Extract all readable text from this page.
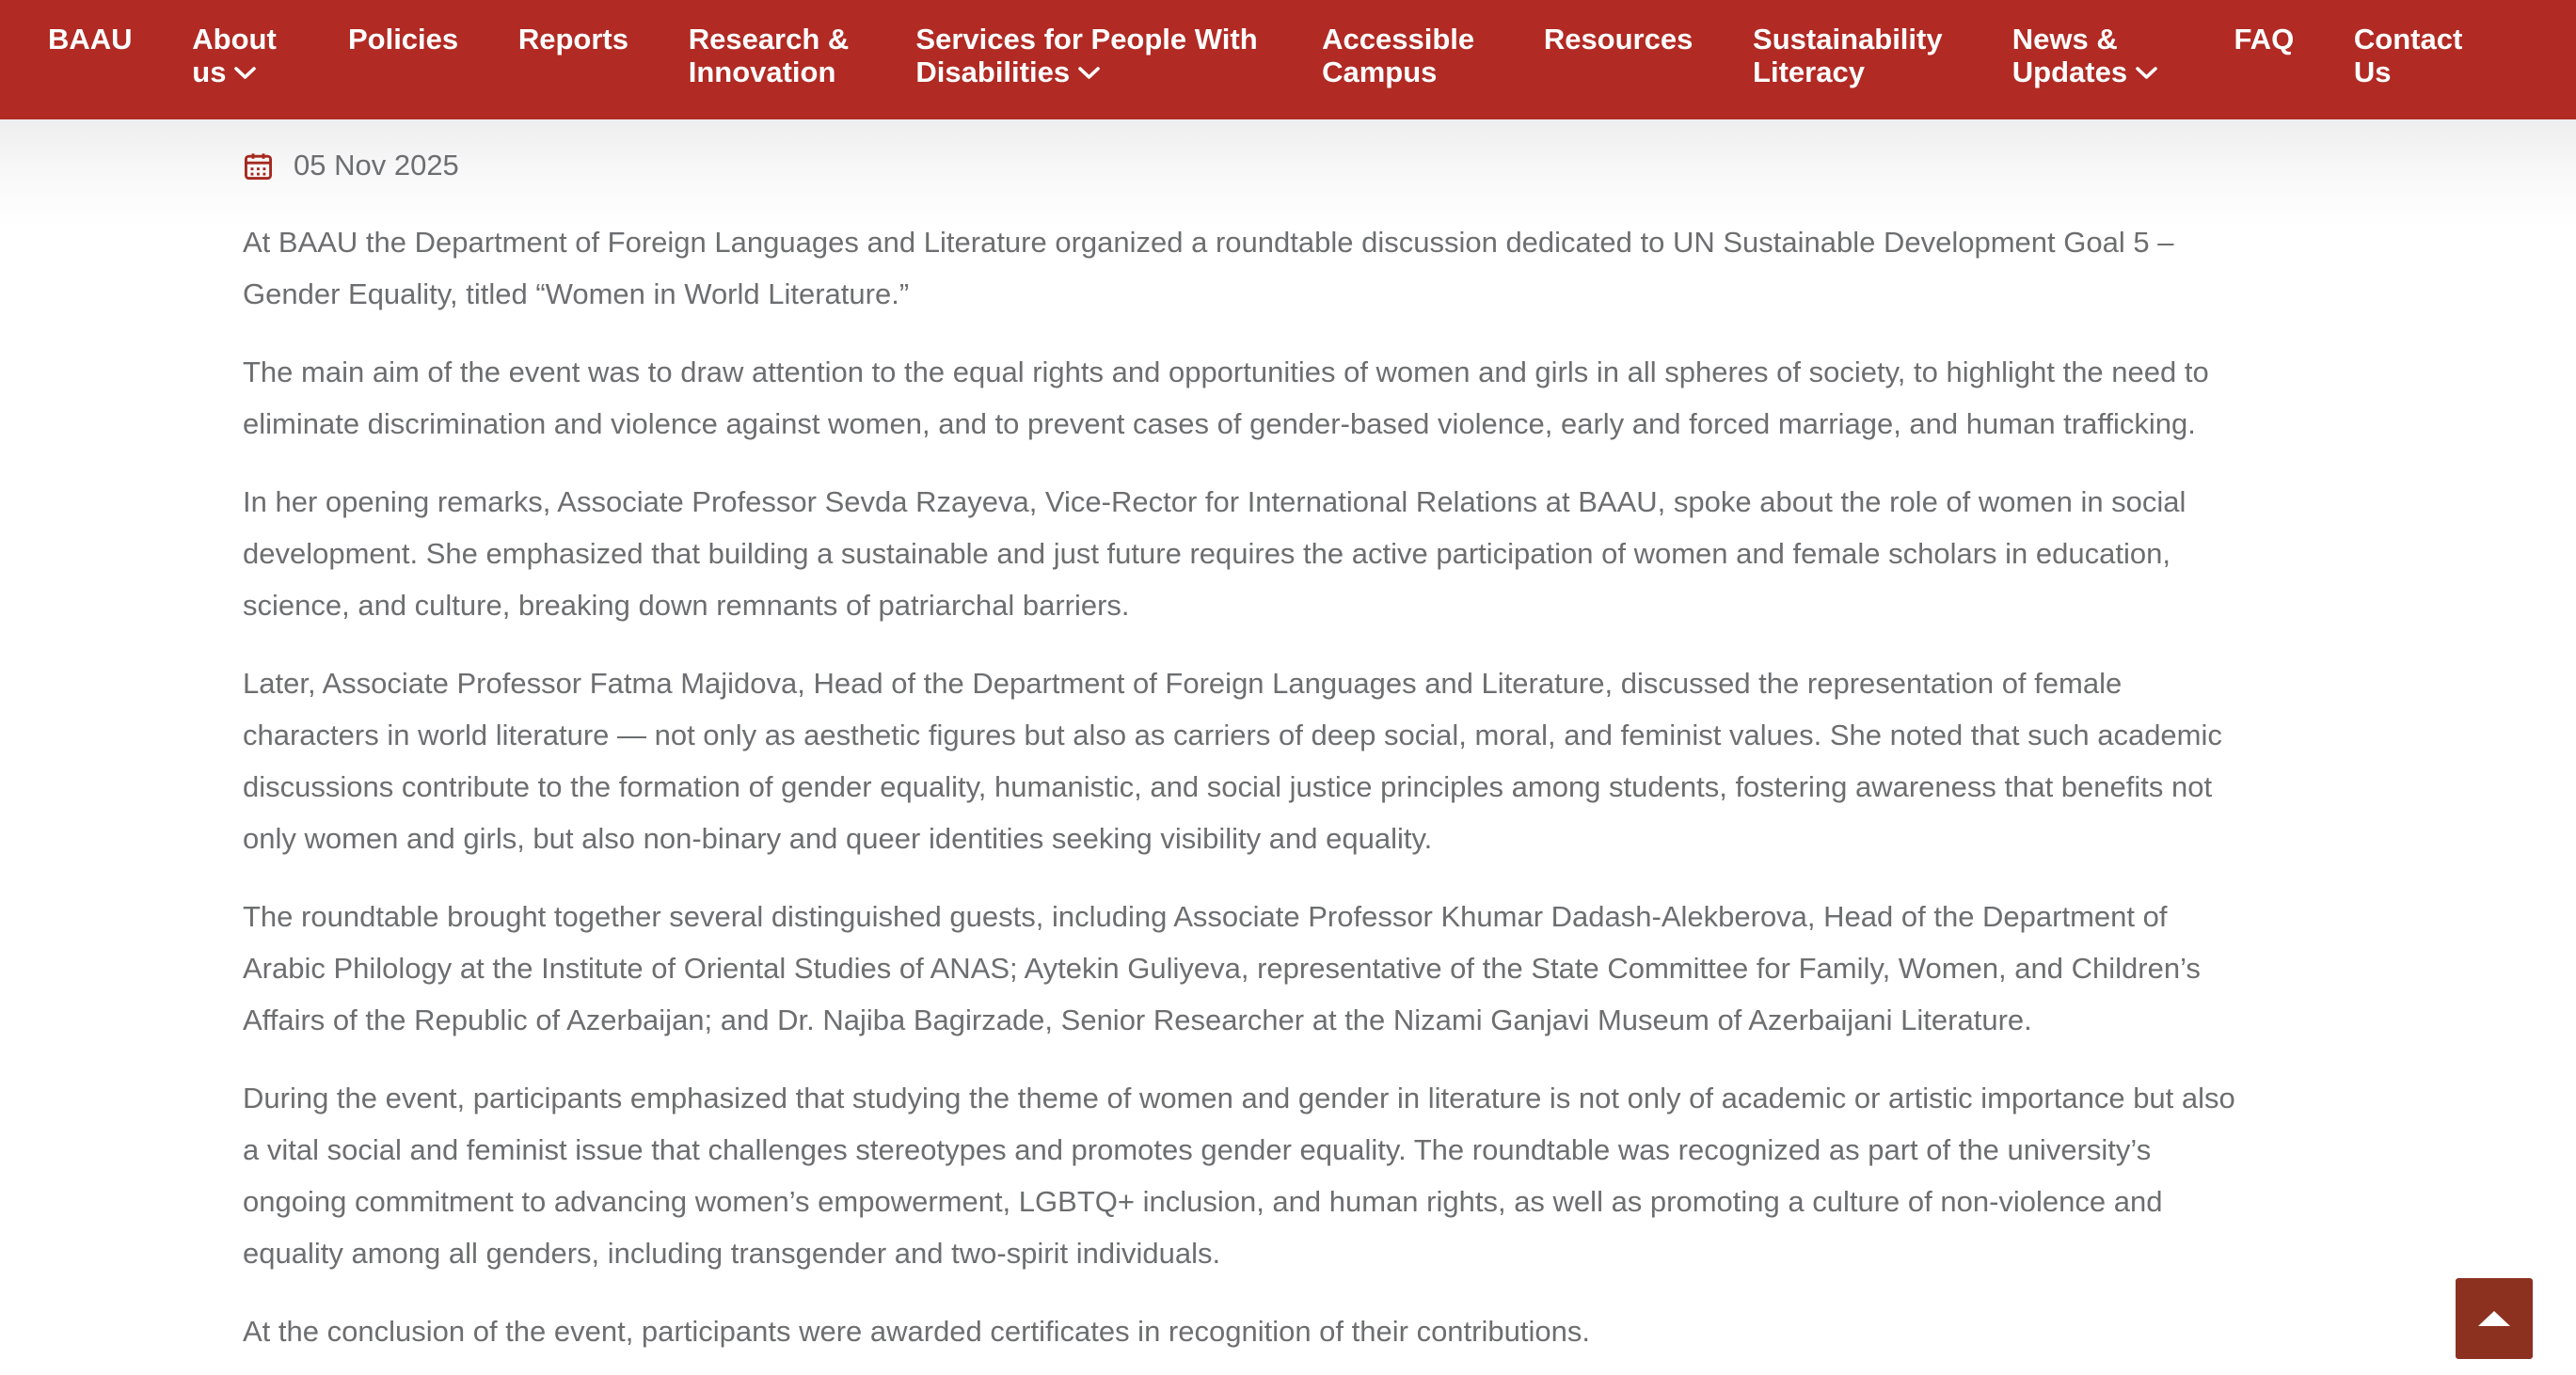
BAAU About us
Policies Reports Research & Innovation
Services for People With Disabilities
Accessible Campus
Resources Sustainability Literacy
News & Updates
FAQ Contact Us
05 Nov 2025

At BAAU the Department of Foreign Languages and Literature organized a roundtable discussion dedicated to UN Sustainable Development Goal 5 – Gender Equality, titled “Women in World Literature.”

The main aim of the event was to draw attention to the equal rights and opportunities of women and girls in all spheres of society, to highlight the need to eliminate discrimination and violence against women, and to prevent cases of gender-based violence, early and forced marriage, and human trafficking.

In her opening remarks, Associate Professor Sevda Rzayeva, Vice-Rector for International Relations at BAAU, spoke about the role of women in social development. She emphasized that building a sustainable and just future requires the active participation of women and female scholars in education, science, and culture, breaking down remnants of patriarchal barriers.

Later, Associate Professor Fatma Majidova, Head of the Department of Foreign Languages and Literature, discussed the representation of female characters in world literature — not only as aesthetic figures but also as carriers of deep social, moral, and feminist values. She noted that such academic discussions contribute to the formation of gender equality, humanistic, and social justice principles among students, fostering awareness that benefits not only women and girls, but also non-binary and queer identities seeking visibility and equality.

The roundtable brought together several distinguished guests, including Associate Professor Khumar Dadash-Alekberova, Head of the Department of Arabic Philology at the Institute of Oriental Studies of ANAS; Aytekin Guliyeva, representative of the State Committee for Family, Women, and Children’s Affairs of the Republic of Azerbaijan; and Dr. Najiba Bagirzade, Senior Researcher at the Nizami Ganjavi Museum of Azerbaijani Literature.

During the event, participants emphasized that studying the theme of women and gender in literature is not only of academic or artistic importance but also a vital social and feminist issue that challenges stereotypes and promotes gender equality. The roundtable was recognized as part of the university’s ongoing commitment to advancing women’s empowerment, LGBTQ+ inclusion, and human rights, as well as promoting a culture of non-violence and equality among all genders, including transgender and two-spirit individuals.

At the conclusion of the event, participants were awarded certificates in recognition of their contributions.
